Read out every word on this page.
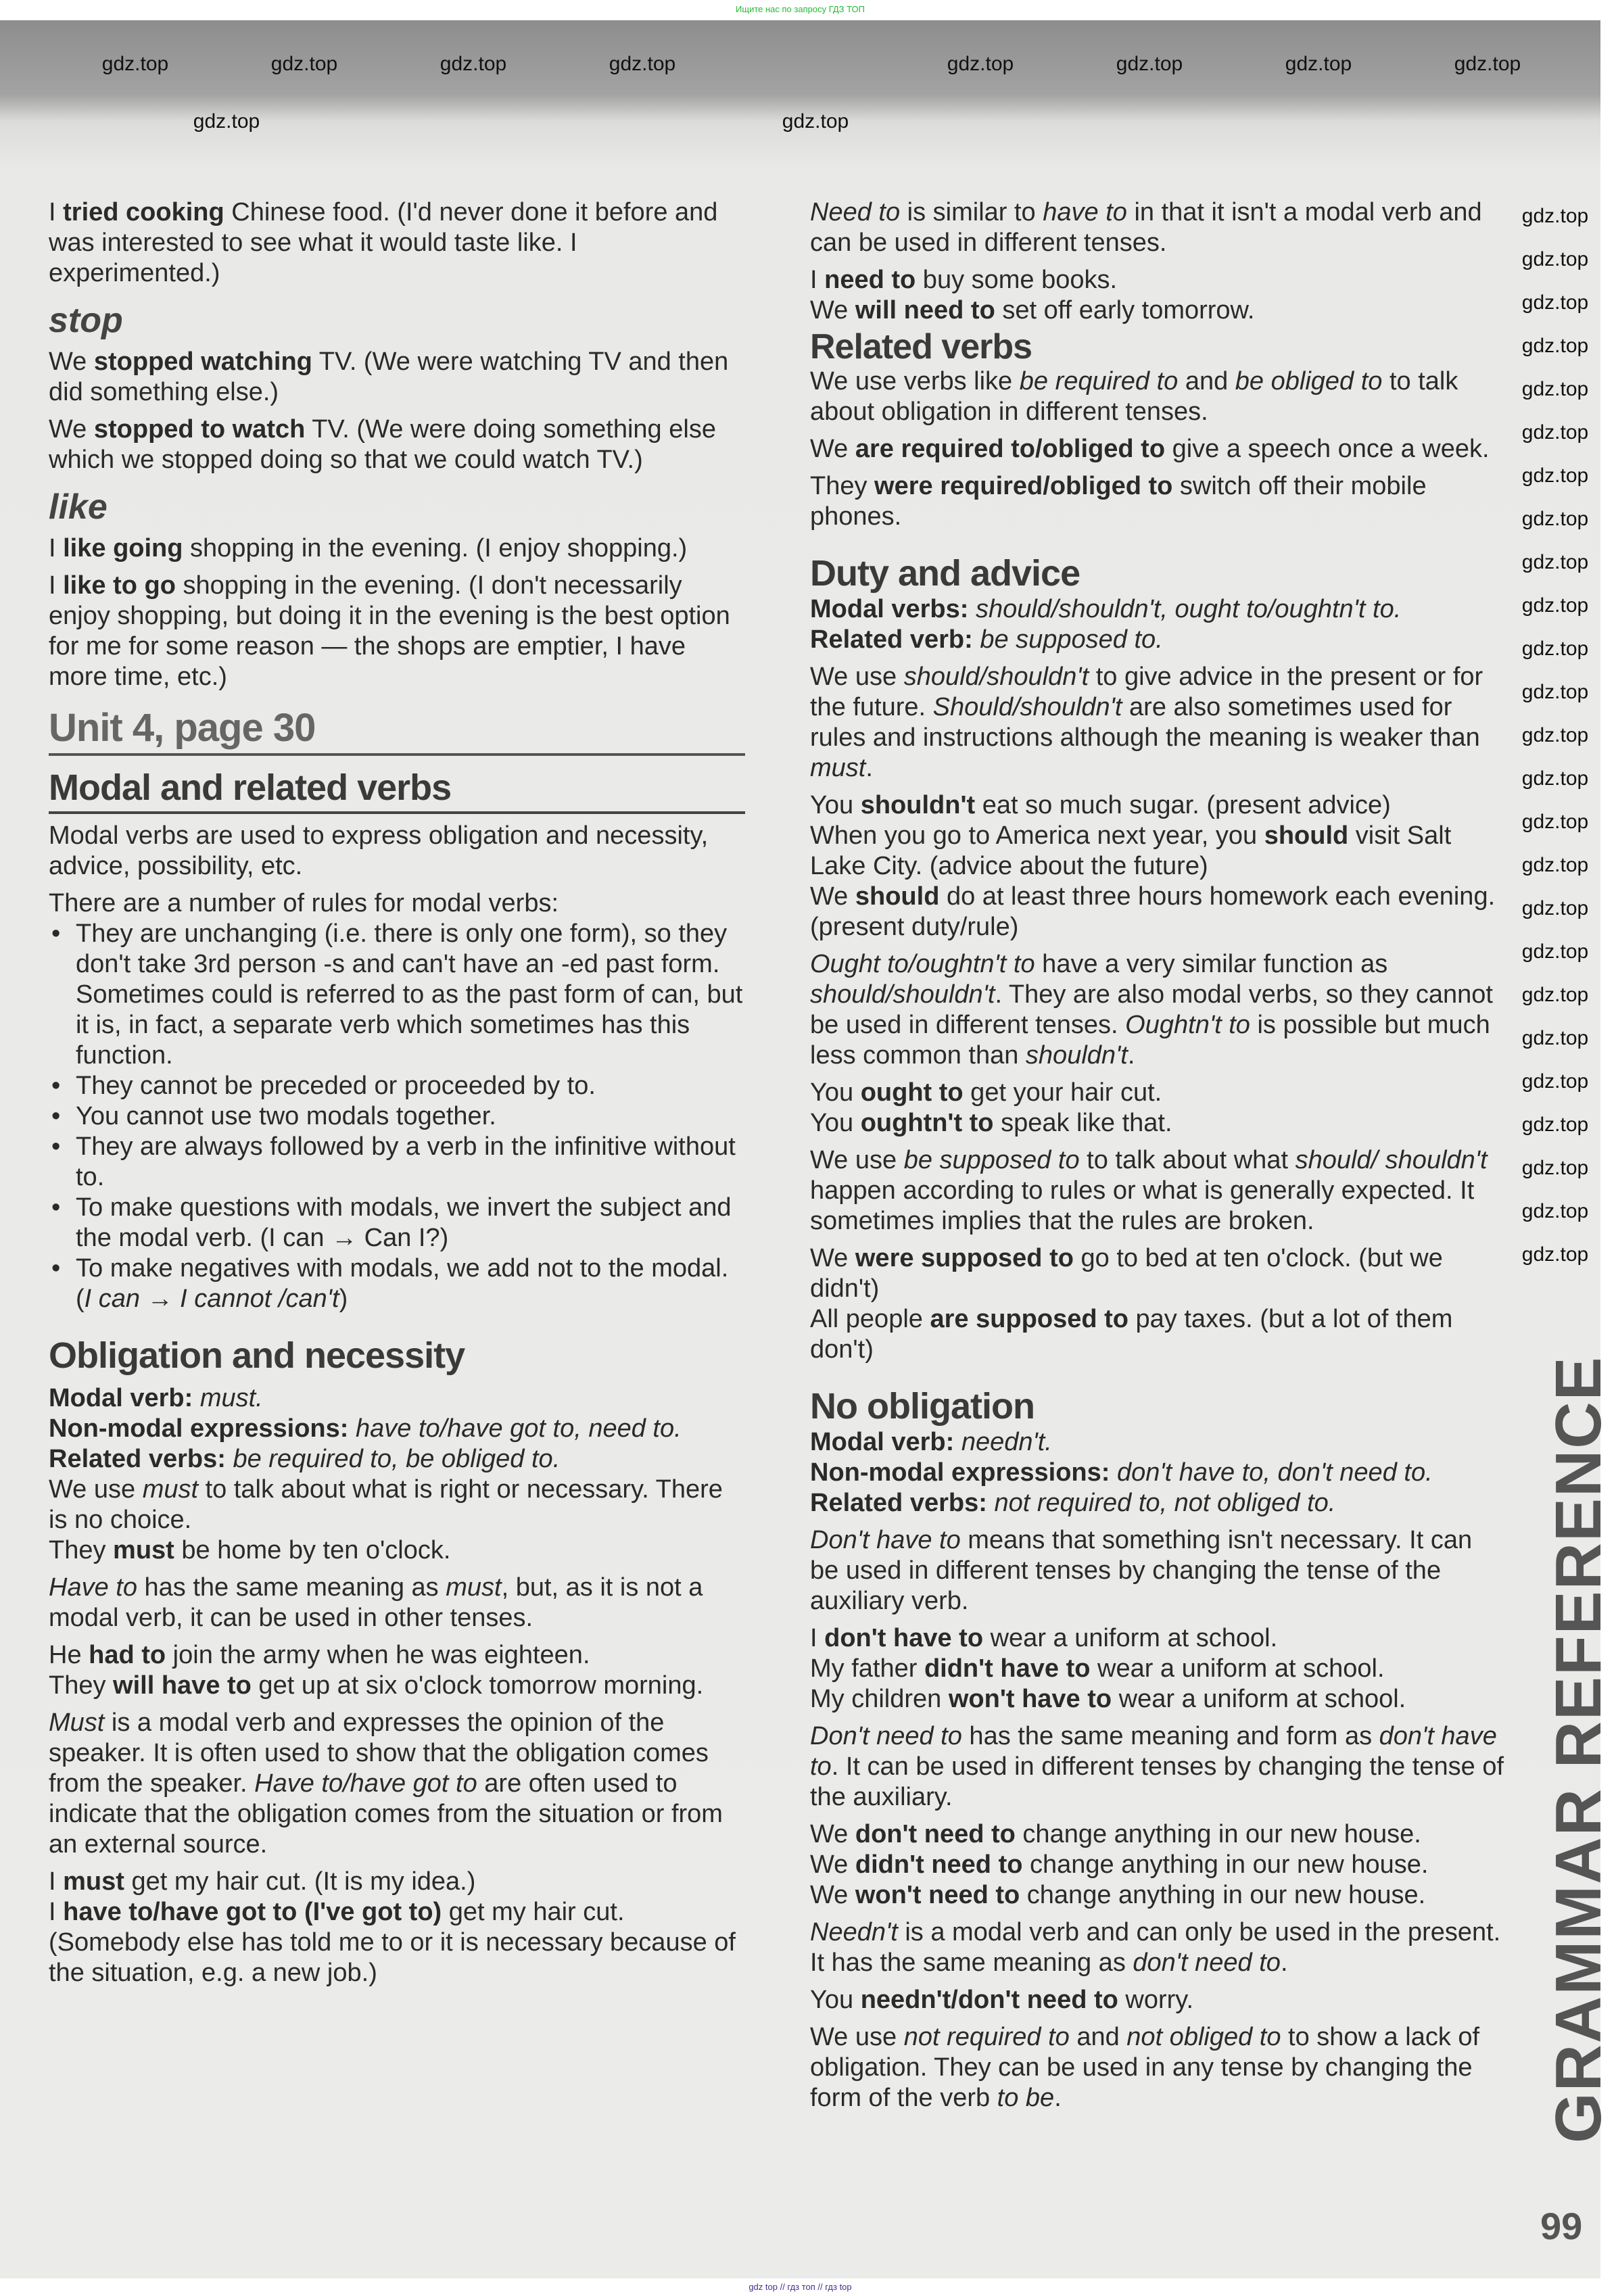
Ищите нас по запросу ГДЗ ТОП
I tried cooking Chinese food. (I'd never done it before and was interested to see what it would taste like. I experimented.)
stop
We stopped watching TV. (We were watching TV and then did something else.)
We stopped to watch TV. (We were doing something else which we stopped doing so that we could watch TV.)
like
I like going shopping in the evening. (I enjoy shopping.)
I like to go shopping in the evening. (I don't necessarily enjoy shopping, but doing it in the evening is the best option for me for some reason — the shops are emptier, I have more time, etc.)
Unit 4, page 30
Modal and related verbs
Modal verbs are used to express obligation and necessity, advice, possibility, etc.
There are a number of rules for modal verbs:
• They are unchanging (i.e. there is only one form), so they don't take 3rd person -s and can't have an -ed past form. Sometimes could is referred to as the past form of can, but it is, in fact, a separate verb which sometimes has this function.
• They cannot be preceded or proceeded by to.
• You cannot use two modals together.
• They are always followed by a verb in the infinitive without to.
• To make questions with modals, we invert the subject and the modal verb. (I can → Can I?)
• To make negatives with modals, we add not to the modal. (I can → I cannot /can't)
Obligation and necessity
Modal verb: must.
Non-modal expressions: have to/have got to, need to.
Related verbs: be required to, be obliged to.
We use must to talk about what is right or necessary. There is no choice.
They must be home by ten o'clock.
Have to has the same meaning as must, but, as it is not a modal verb, it can be used in other tenses.
He had to join the army when he was eighteen.
They will have to get up at six o'clock tomorrow morning.
Must is a modal verb and expresses the opinion of the speaker. It is often used to show that the obligation comes from the speaker. Have to/have got to are often used to indicate that the obligation comes from the situation or from an external source.
I must get my hair cut. (It is my idea.)
I have to/have got to (I've got to) get my hair cut. (Somebody else has told me to or it is necessary because of the situation, e.g. a new job.)
Need to is similar to have to in that it isn't a modal verb and can be used in different tenses.
I need to buy some books.
We will need to set off early tomorrow.
Related verbs
We use verbs like be required to and be obliged to to talk about obligation in different tenses.
We are required to/obliged to give a speech once a week.
They were required/obliged to switch off their mobile phones.
Duty and advice
Modal verbs: should/shouldn't, ought to/oughtn't to.
Related verb: be supposed to.
We use should/shouldn't to give advice in the present or for the future. Should/shouldn't are also sometimes used for rules and instructions although the meaning is weaker than must.
You shouldn't eat so much sugar. (present advice)
When you go to America next year, you should visit Salt Lake City. (advice about the future)
We should do at least three hours homework each evening. (present duty/rule)
Ought to/oughtn't to have a very similar function as should/shouldn't. They are also modal verbs, so they cannot be used in different tenses. Oughtn't to is possible but much less common than shouldn't.
You ought to get your hair cut.
You oughtn't to speak like that.
We use be supposed to to talk about what should/ shouldn't happen according to rules or what is generally expected. It sometimes implies that the rules are broken.
We were supposed to go to bed at ten o'clock. (but we didn't)
All people are supposed to pay taxes. (but a lot of them don't)
No obligation
Modal verb: needn't.
Non-modal expressions: don't have to, don't need to.
Related verbs: not required to, not obliged to.
Don't have to means that something isn't necessary. It can be used in different tenses by changing the tense of the auxiliary verb.
I don't have to wear a uniform at school.
My father didn't have to wear a uniform at school.
My children won't have to wear a uniform at school.
Don't need to has the same meaning and form as don't have to. It can be used in different tenses by changing the tense of the auxiliary.
We don't need to change anything in our new house.
We didn't need to change anything in our new house.
We won't need to change anything in our new house.
Needn't is a modal verb and can only be used in the present. It has the same meaning as don't need to.
You needn't/don't need to worry.
We use not required to and not obliged to to show a lack of obligation. They can be used in any tense by changing the form of the verb to be.	GRAMMAR REFERENCE
99
gdz.top	gdz.top	gdz.top	gdz.top	gdz.top	gdz.top	gdz.top	gdz.top
gdz.top	gdz.top
gdz.top
gdz.top
gdz.top
gdz.top
gdz.top
gdz.top
gdz.top
gdz.top
gdz.top
gdz.top
gdz.top
gdz.top
gdz.top
gdz.top
gdz.top
gdz.top
gdz.top
gdz.top
gdz.top
gdz.top
gdz.top
gdz.top
gdz.top
gdz.top
gdz.top
gdz top // гдз топ // гдз top
